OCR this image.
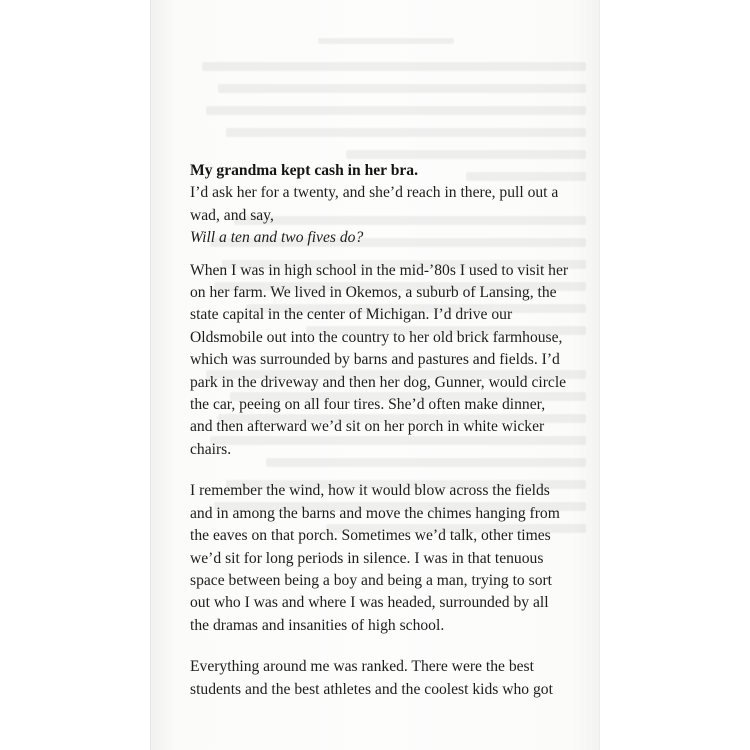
My grandma kept cash in her bra.

I’d ask her for a twenty, and she’d reach in there, pull out a wad, and say,

Will a ten and two fives do?

When I was in high school in the mid-’80s I used to visit her on her farm. We lived in Okemos, a suburb of Lansing, the state capital in the center of Michigan. I’d drive our Oldsmobile out into the country to her old brick farmhouse, which was surrounded by barns and pastures and fields. I’d park in the driveway and then her dog, Gunner, would circle the car, peeing on all four tires. She’d often make dinner, and then afterward we’d sit on her porch in white wicker chairs.

I remember the wind, how it would blow across the fields and in among the barns and move the chimes hanging from the eaves on that porch. Sometimes we’d talk, other times we’d sit for long periods in silence. I was in that tenuous space between being a boy and being a man, trying to sort out who I was and where I was headed, surrounded by all the dramas and insanities of high school.

Everything around me was ranked. There were the best students and the best athletes and the coolest kids who got
